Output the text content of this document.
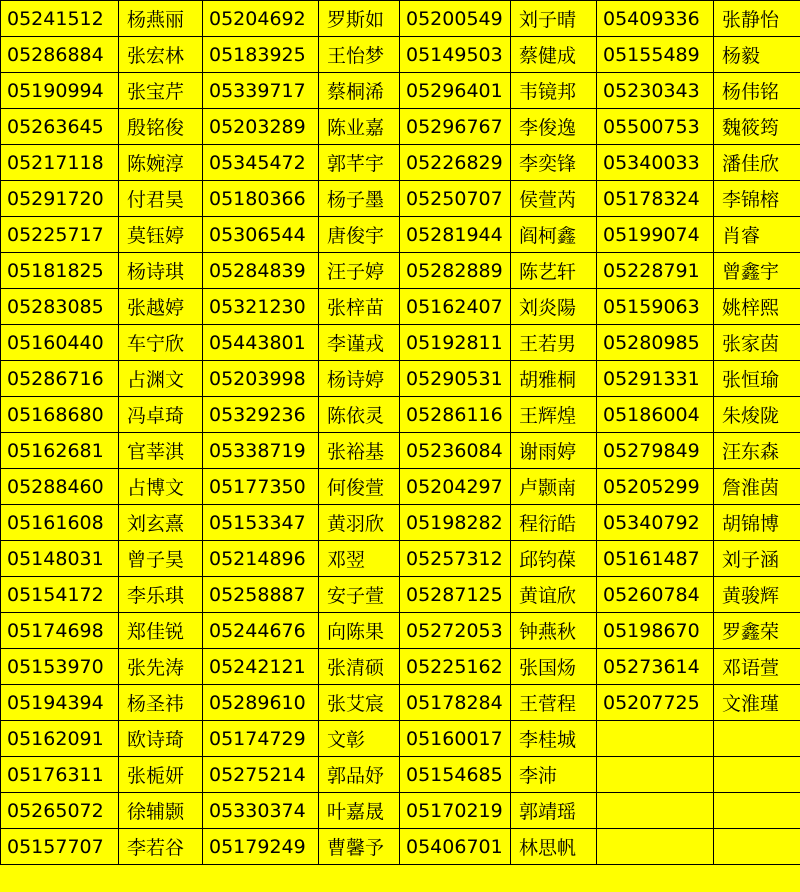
05241512	杨燕丽	05204692	罗斯如	05200549	刘子晴	05409336	张静怡
05286884	张宏林	05183925	王怡梦	05149503	蔡健成	05155489	杨毅
05190994	张宝芹	05339717	蔡桐浠	05296401	韦镜邦	05230343	杨伟铭
05263645	殷铭俊	05203289	陈业嘉	05296767	李俊逸	05500753	魏筱筠
05217118	陈婉淳	05345472	郭芊宇	05226829	李奕锋	05340033	潘佳欣
05291720	付君昊	05180366	杨子墨	05250707	侯萱芮	05178324	李锦榕
05225717	莫钰婷	05306544	唐俊宇	05281944	阎柯鑫	05199074	肖睿
05181825	杨诗琪	05284839	汪子婷	05282889	陈艺轩	05228791	曾鑫宇
05283085	张越婷	05321230	张梓苗	05162407	刘炎陽	05159063	姚梓熙
05160440	车宁欣	05443801	李谨戎	05192811	王若男	05280985	张家茵
05286716	占渊文	05203998	杨诗婷	05290531	胡雅桐	05291331	张恒瑜
05168680	冯卓琦	05329236	陈依灵	05286116	王辉煌	05186004	朱焌陇
05162681	官莘淇	05338719	张裕基	05236084	谢雨婷	05279849	汪东森
05288460	占博文	05177350	何俊萱	05204297	卢颢南	05205299	詹淮茵
05161608	刘玄熹	05153347	黄羽欣	05198282	程衍皓	05340792	胡锦博
05148031	曾子昊	05214896	邓翌	05257312	邱钧葆	05161487	刘子涵
05154172	李乐琪	05258887	安子萱	05287125	黄谊欣	05260784	黄骏辉
05174698	郑佳锐	05244676	向陈果	05272053	钟燕秋	05198670	罗鑫荣
05153970	张先涛	05242121	张清硕	05225162	张国炀	05273614	邓语萱
05194394	杨圣祎	05289610	张艾宸	05178284	王菅程	05207725	文淮瑾
05162091	欧诗琦	05174729	文彰	05160017	李桂城		
05176311	张栀妍	05275214	郭品妤	05154685	李沛		
05265072	徐辅颢	05330374	叶嘉晟	05170219	郭靖瑶		
05157707	李若谷	05179249	曹馨予	05406701	林思帆		
